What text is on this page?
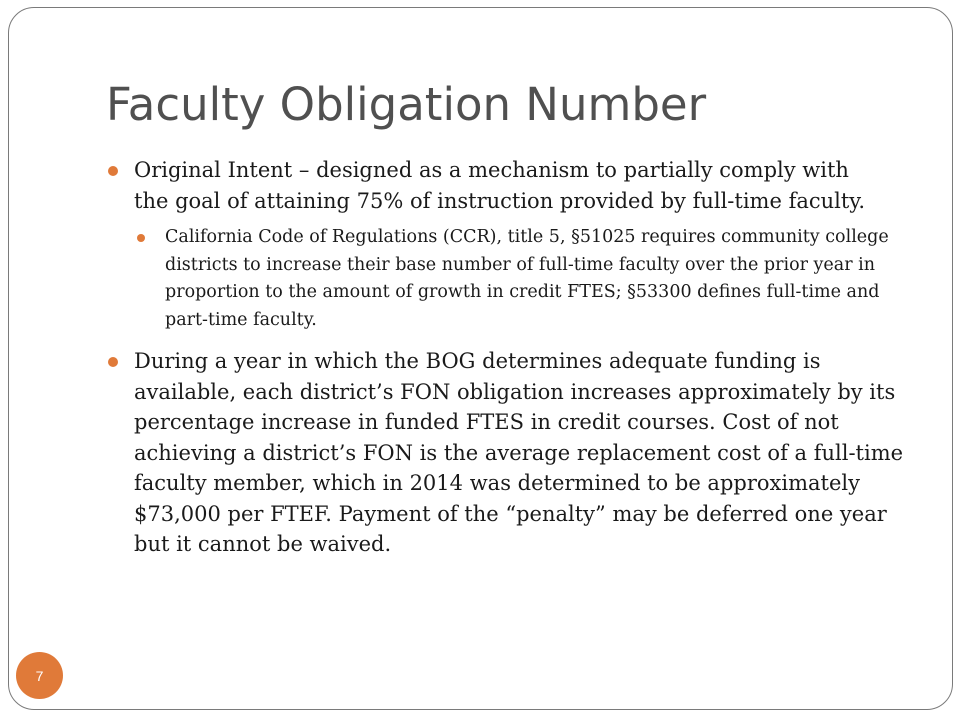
Faculty Obligation Number
Original Intent – designed as a mechanism to partially comply with the goal of attaining 75% of instruction provided by full-time faculty.
California Code of Regulations (CCR), title 5, §51025 requires community college districts to increase their base number of full-time faculty over the prior year in proportion to the amount of growth in credit FTES; §53300 defines full-time and part-time faculty.
During a year in which the BOG determines adequate funding is available, each district’s FON obligation increases approximately by its percentage increase in funded FTES in credit courses. Cost of not achieving a district’s FON is the average replacement cost of a full-time faculty member, which in 2014 was determined to be approximately $73,000 per FTEF. Payment of the “penalty” may be deferred one year but it cannot be waived.
7
